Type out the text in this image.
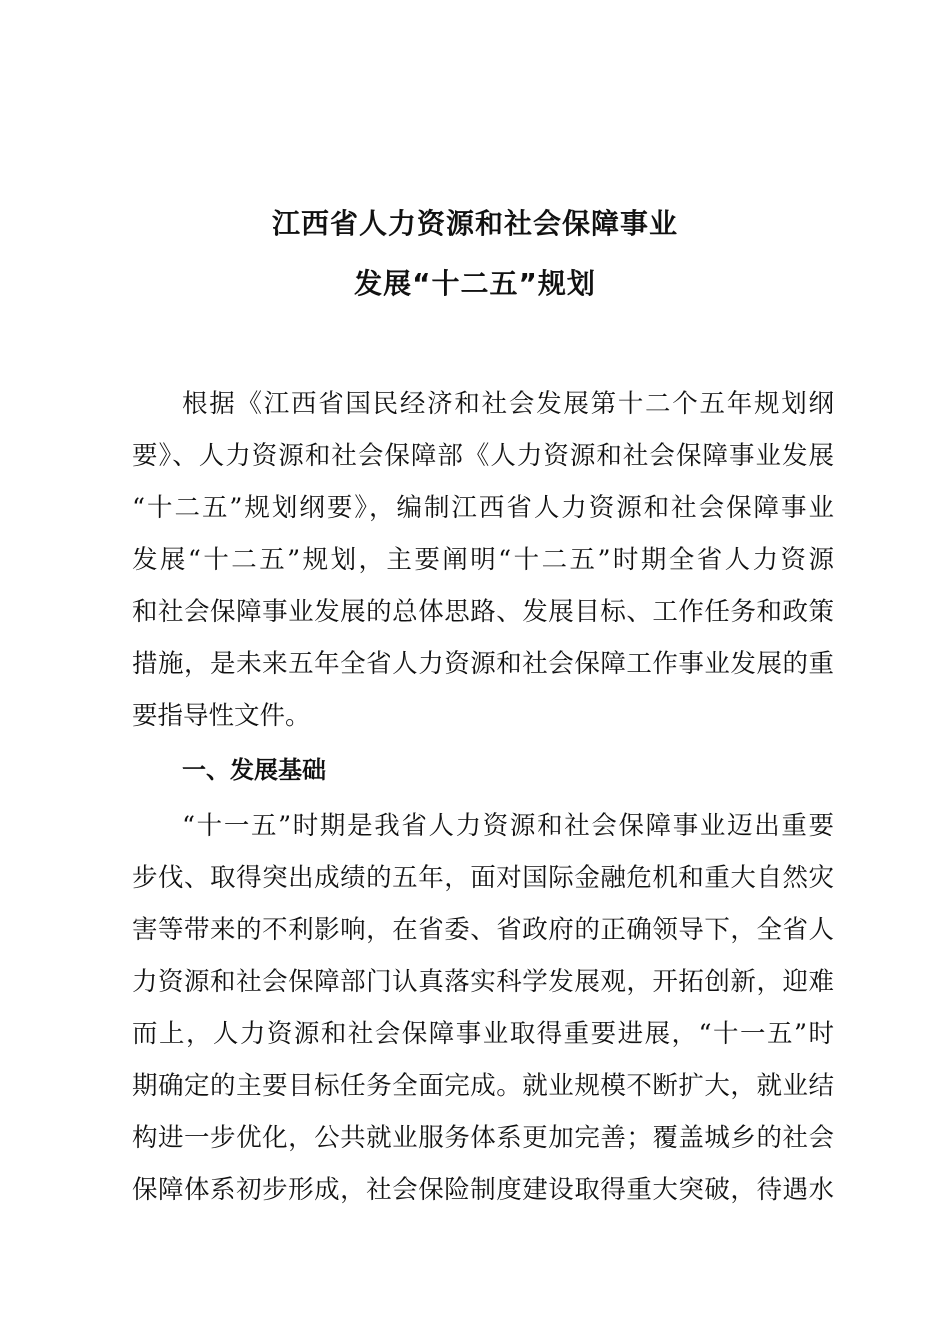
江西省人力资源和社会保障事业
发展“十二五”规划
根据《江西省国民经济和社会发展第十二个五年规划纲
要》、人力资源和社会保障部《人力资源和社会保障事业发展
“十二五”规划纲要》，编制江西省人力资源和社会保障事业
发展“十二五”规划，主要阐明“十二五”时期全省人力资源
和社会保障事业发展的总体思路、发展目标、工作任务和政策
措施，是未来五年全省人力资源和社会保障工作事业发展的重
要指导性文件。
一、发展基础
“十一五”时期是我省人力资源和社会保障事业迈出重要
步伐、取得突出成绩的五年，面对国际金融危机和重大自然灾
害等带来的不利影响，在省委、省政府的正确领导下，全省人
力资源和社会保障部门认真落实科学发展观，开拓创新，迎难
而上，人力资源和社会保障事业取得重要进展，“十一五”时
期确定的主要目标任务全面完成。就业规模不断扩大，就业结
构进一步优化，公共就业服务体系更加完善；覆盖城乡的社会
保障体系初步形成，社会保险制度建设取得重大突破，待遇水
